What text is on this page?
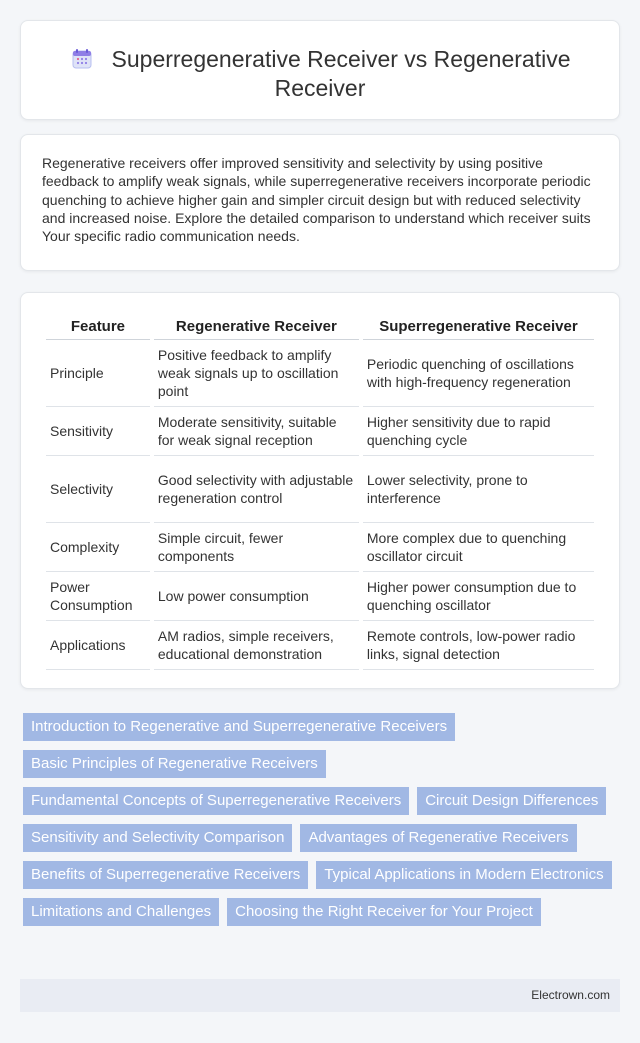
Superregenerative Receiver vs Regenerative Receiver

Regenerative receivers offer improved sensitivity and selectivity by using positive feedback to amplify weak signals, while superregenerative receivers incorporate periodic quenching to achieve higher gain and simpler circuit design but with reduced selectivity and increased noise. Explore the detailed comparison to understand which receiver suits Your specific radio communication needs.

Feature	Regenerative Receiver	Superregenerative Receiver
Principle	Positive feedback to amplify weak signals up to oscillation point	Periodic quenching of oscillations with high-frequency regeneration
Sensitivity	Moderate sensitivity, suitable for weak signal reception	Higher sensitivity due to rapid quenching cycle
Selectivity	Good selectivity with adjustable regeneration control	Lower selectivity, prone to interference
Complexity	Simple circuit, fewer components	More complex due to quenching oscillator circuit
Power Consumption	Low power consumption	Higher power consumption due to quenching oscillator
Applications	AM radios, simple receivers, educational demonstration	Remote controls, low-power radio links, signal detection
Introduction to Regenerative and Superregenerative Receivers
Basic Principles of Regenerative Receivers
Fundamental Concepts of Superregenerative Receivers	Circuit Design Differences
Sensitivity and Selectivity Comparison	Advantages of Regenerative Receivers
Benefits of Superregenerative Receivers	Typical Applications in Modern Electronics
Limitations and Challenges	Choosing the Right Receiver for Your Project
Electrown.com
